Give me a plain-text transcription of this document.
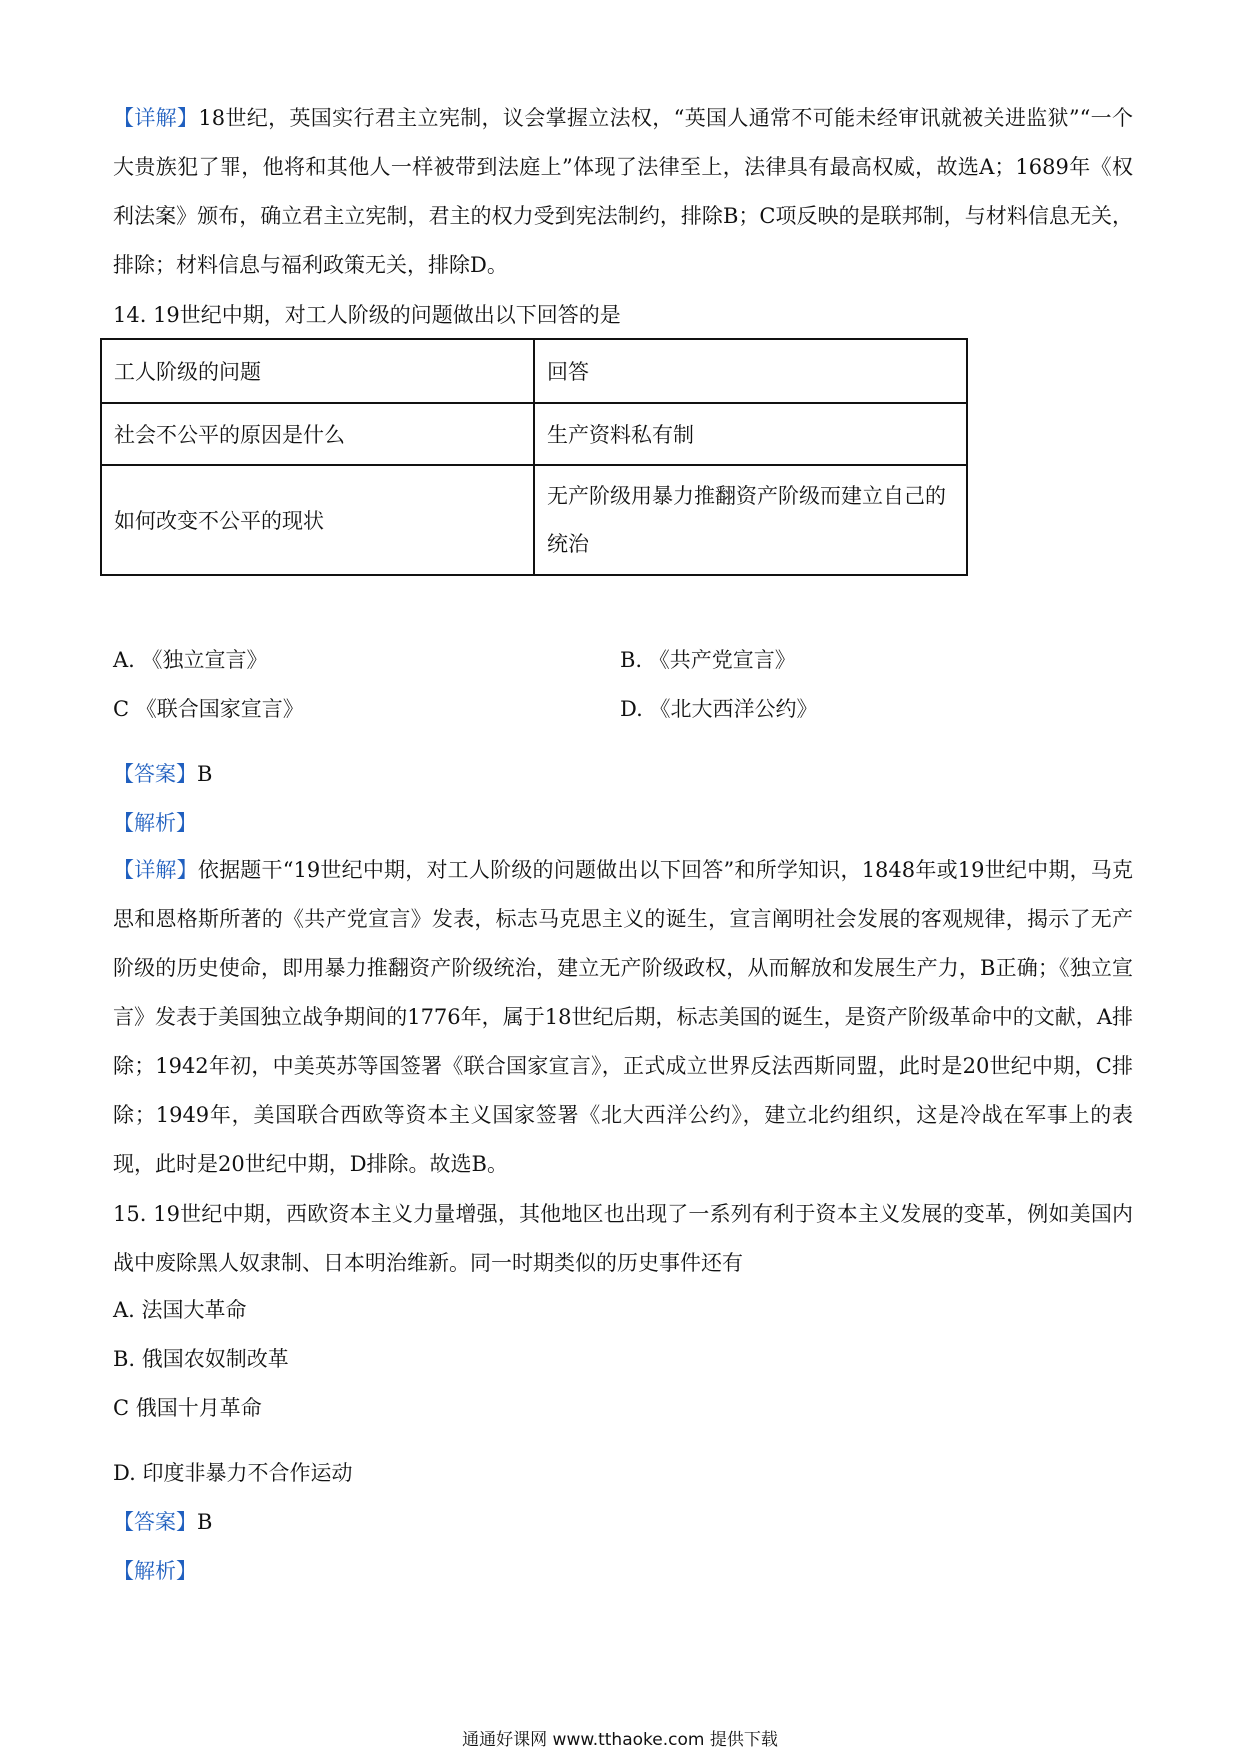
【详解】18世纪，英国实行君主立宪制，议会掌握立法权，“英国人通常不可能未经审讯就被关进监狱”“一个大贵族犯了罪，他将和其他人一样被带到法庭上”体现了法律至上，法律具有最高权威，故选A；1689年《权利法案》颁布，确立君主立宪制，君主的权力受到宪法制约，排除B；C项反映的是联邦制，与材料信息无关，排除；材料信息与福利政策无关，排除D。
14. 19世纪中期，对工人阶级的问题做出以下回答的是
工人阶级的问题	回答
社会不公平的原因是什么	生产资料私有制
如何改变不公平的现状	无产阶级用暴力推翻资产阶级而建立自己的统治
A. 《独立宣言》	B. 《共产党宣言》
C 《联合国家宣言》	D. 《北大西洋公约》
【答案】B
【解析】
【详解】依据题干“19世纪中期，对工人阶级的问题做出以下回答”和所学知识，1848年或19世纪中期，马克思和恩格斯所著的《共产党宣言》发表，标志马克思主义的诞生，宣言阐明社会发展的客观规律，揭示了无产阶级的历史使命，即用暴力推翻资产阶级统治，建立无产阶级政权，从而解放和发展生产力，B正确；《独立宣言》发表于美国独立战争期间的1776年，属于18世纪后期，标志美国的诞生，是资产阶级革命中的文献，A排除；1942年初，中美英苏等国签署《联合国家宣言》，正式成立世界反法西斯同盟，此时是20世纪中期，C排除；1949年，美国联合西欧等资本主义国家签署《北大西洋公约》，建立北约组织，这是冷战在军事上的表现，此时是20世纪中期，D排除。故选B。
15. 19世纪中期，西欧资本主义力量增强，其他地区也出现了一系列有利于资本主义发展的变革，例如美国内战中废除黑人奴隶制、日本明治维新。同一时期类似的历史事件还有
A. 法国大革命
B. 俄国农奴制改革
C 俄国十月革命
D. 印度非暴力不合作运动
【答案】B
【解析】
通通好课网 www.tthaoke.com 提供下载
